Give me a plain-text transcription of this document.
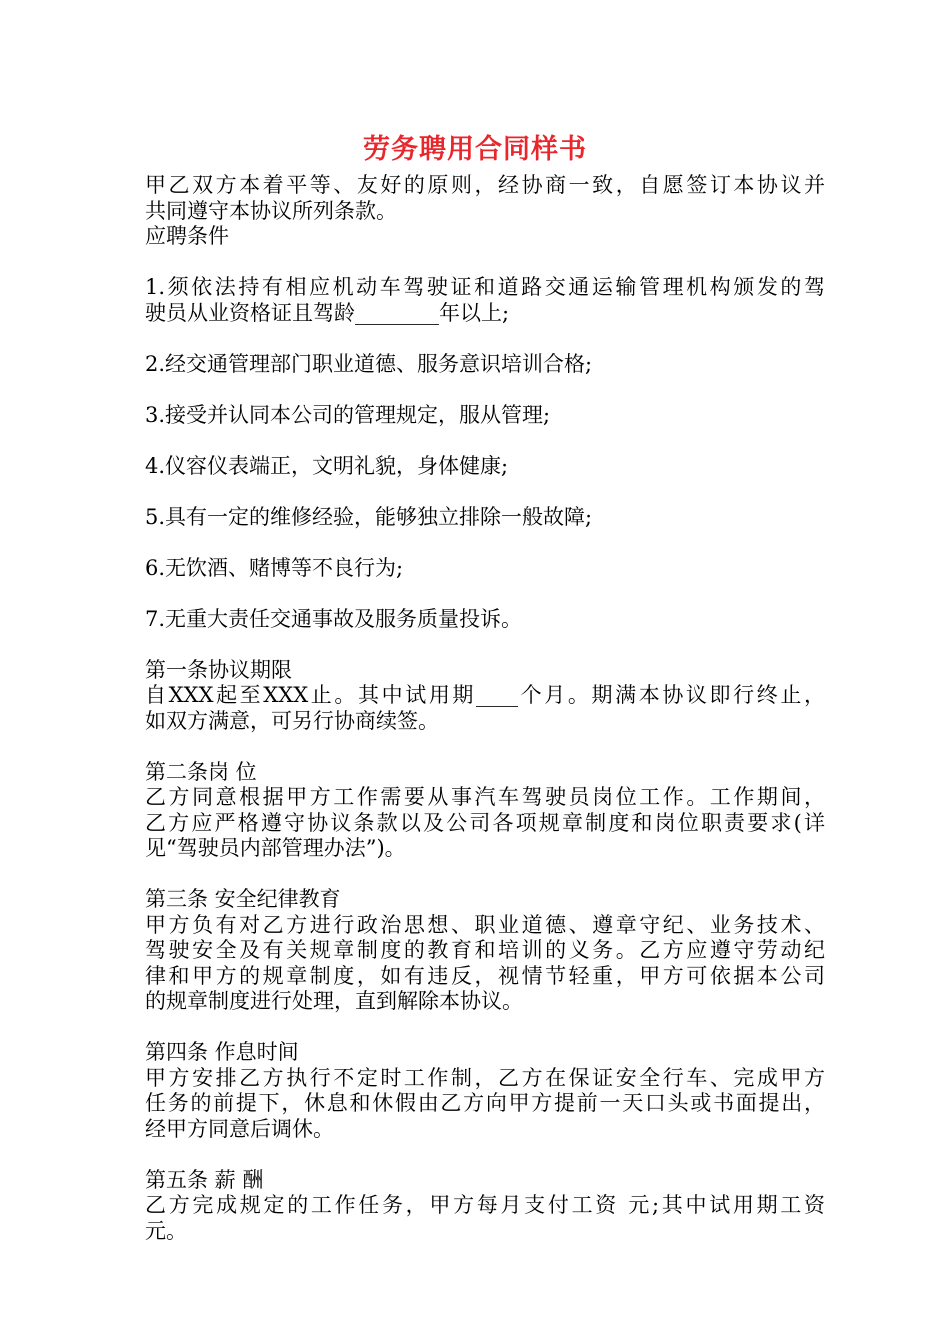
劳务聘用合同样书
甲乙双方本着平等、友好的原则，经协商一致，自愿签订本协议并
共同遵守本协议所列条款。
应聘条件
1.须依法持有相应机动车驾驶证和道路交通运输管理机构颁发的驾
驶员从业资格证且驾龄________年以上;
2.经交通管理部门职业道德、服务意识培训合格;
3.接受并认同本公司的管理规定，服从管理;
4.仪容仪表端正，文明礼貌，身体健康;
5.具有一定的维修经验，能够独立排除一般故障;
6.无饮酒、赌博等不良行为;
7.无重大责任交通事故及服务质量投诉。
第一条协议期限
自XXX起至XXX止。其中试用期____个月。期满本协议即行终止，
如双方满意，可另行协商续签。
第二条岗 位
乙方同意根据甲方工作需要从事汽车驾驶员岗位工作。工作期间，
乙方应严格遵守协议条款以及公司各项规章制度和岗位职责要求(详
见“驾驶员内部管理办法”)。
第三条 安全纪律教育
甲方负有对乙方进行政治思想、职业道德、遵章守纪、业务技术、
驾驶安全及有关规章制度的教育和培训的义务。乙方应遵守劳动纪
律和甲方的规章制度，如有违反，视情节轻重，甲方可依据本公司
的规章制度进行处理，直到解除本协议。
第四条 作息时间
甲方安排乙方执行不定时工作制，乙方在保证安全行车、完成甲方
任务的前提下，休息和休假由乙方向甲方提前一天口头或书面提出，
经甲方同意后调休。
第五条 薪 酬
乙方完成规定的工作任务，甲方每月支付工资 元;其中试用期工资
元。
